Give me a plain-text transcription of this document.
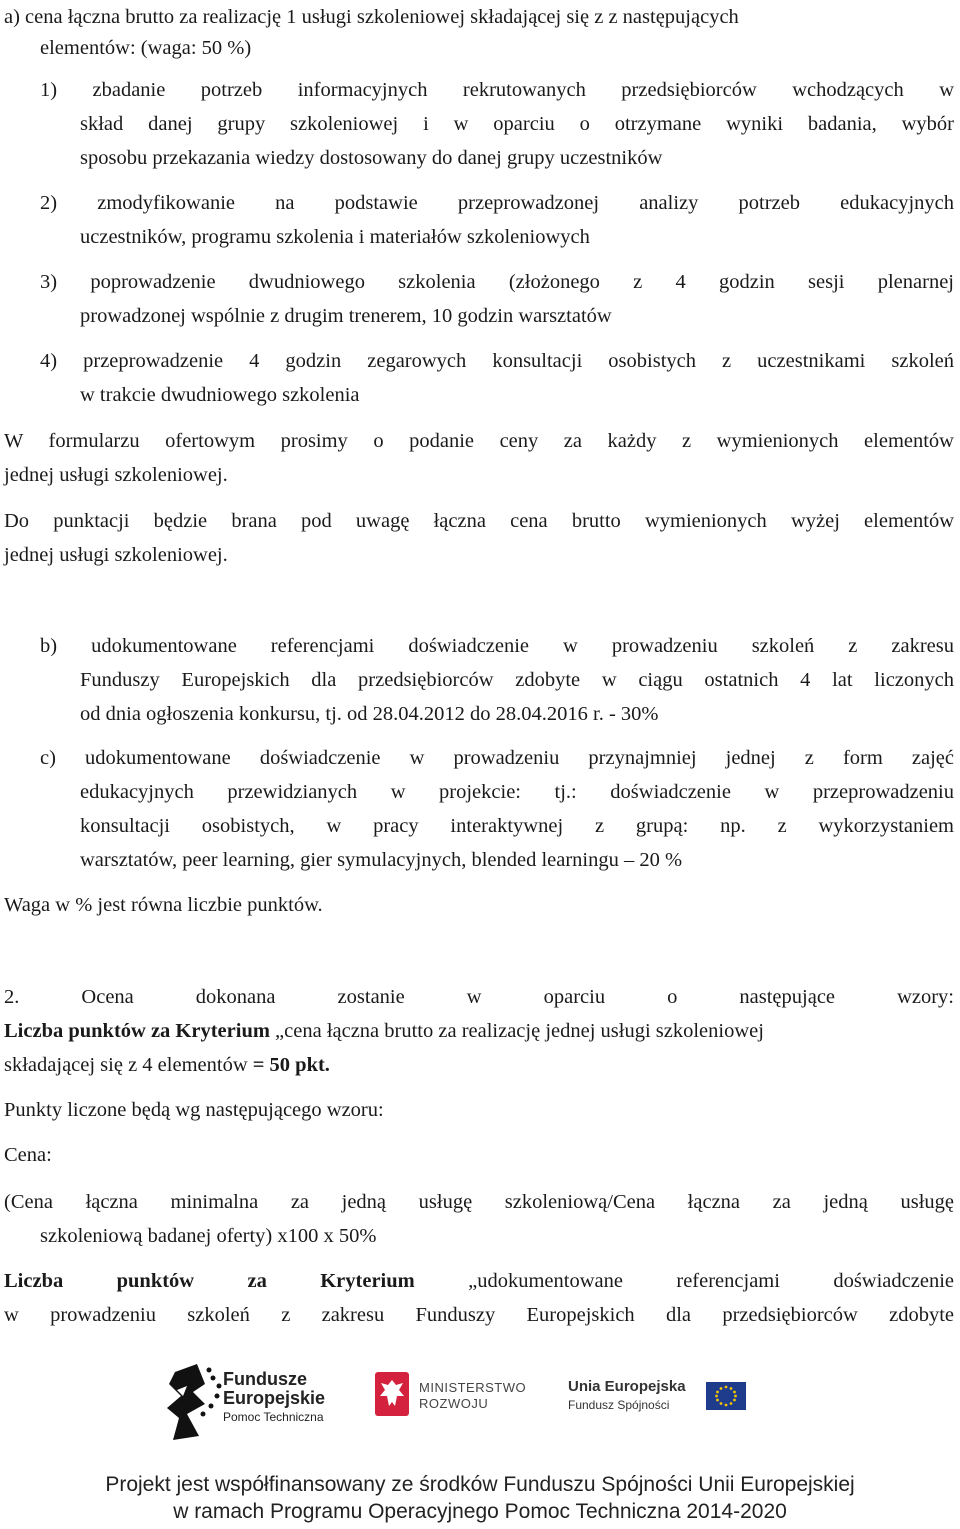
a) cena łączna brutto za realizację 1 usługi szkoleniowej składającej się z z następujących
elementów: (waga: 50 %)
1) zbadanie potrzeb informacyjnych rekrutowanych przedsiębiorców wchodzących w
skład danej grupy szkoleniowej i w oparciu o otrzymane wyniki badania, wybór
sposobu przekazania wiedzy dostosowany do danej grupy uczestników
2) zmodyfikowanie na podstawie przeprowadzonej analizy potrzeb edukacyjnych
uczestników, programu szkolenia i materiałów szkoleniowych
3) poprowadzenie dwudniowego szkolenia (złożonego z 4 godzin sesji plenarnej
prowadzonej wspólnie z drugim trenerem, 10 godzin warsztatów
4) przeprowadzenie 4 godzin zegarowych konsultacji osobistych z uczestnikami szkoleń
w trakcie dwudniowego szkolenia
W formularzu ofertowym prosimy o podanie ceny za każdy z wymienionych elementów
jednej usługi szkoleniowej.
Do punktacji będzie brana pod uwagę łączna cena brutto wymienionych wyżej elementów
jednej usługi szkoleniowej.
b) udokumentowane referencjami doświadczenie w prowadzeniu szkoleń z zakresu
Funduszy Europejskich dla przedsiębiorców zdobyte w ciągu ostatnich 4 lat liczonych
od dnia ogłoszenia konkursu, tj. od 28.04.2012 do 28.04.2016 r. - 30%
c) udokumentowane doświadczenie w prowadzeniu przynajmniej jednej z form zajęć
edukacyjnych przewidzianych w projekcie: tj.: doświadczenie w przeprowadzeniu
konsultacji osobistych, w pracy interaktywnej z grupą: np. z wykorzystaniem
warsztatów, peer learning, gier symulacyjnych, blended learningu – 20 %
Waga w % jest równa liczbie punktów.
2. Ocena dokonana zostanie w oparciu o następujące wzory:
Liczba punktów za Kryterium „cena łączna brutto za realizację jednej usługi szkoleniowej
składającej się z 4 elementów = 50 pkt.
Punkty liczone będą wg następującego wzoru:
Cena:
(Cena łączna minimalna za jedną usługę szkoleniową/Cena łączna za jedną usługę
szkoleniową badanej oferty) x100 x 50%
Liczba punktów za Kryterium „udokumentowane referencjami doświadczenie
w prowadzeniu szkoleń z zakresu Funduszy Europejskich dla przedsiębiorców zdobyte
Fundusze
Europejskie
Pomoc Techniczna
MINISTERSTWO
ROZWOJU
Unia Europejska
Fundusz Spójności
Projekt jest współfinansowany ze środków Funduszu Spójności Unii Europejskiej
w ramach Programu Operacyjnego Pomoc Techniczna 2014-2020
